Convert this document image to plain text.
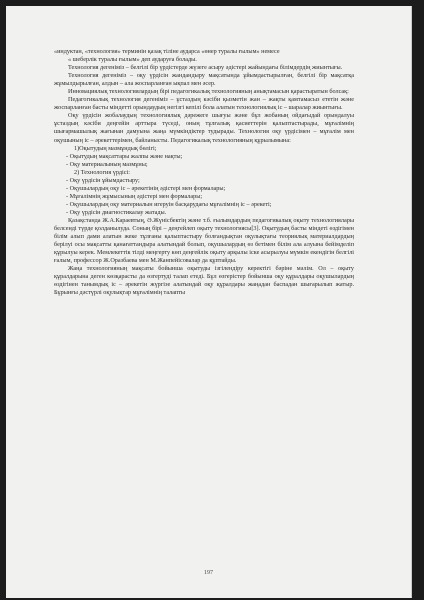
«индуктан, «технология» терминін қазақ тіліне аударса «өнер туралы ғылым» немесе

« шеберлік туралы ғылым» деп аударуға болады.

Технология дегеніміз – белгілі бір үрдістерде жүзеге асыру әдістері жайындағы білімдердің жиынтығы.

Технология дегеніміз – оқу үрдісін жандандыру мақсатында ұйымдастырылған, белгілі бір мақсатқа жұмылдырылған, алдын – ала жоспарланған ықпал мен әсер.

Инновациялық технологиялардың бірі педагогикалық технологияның анықтамасын қарастыратын болсақ:

Педагогикалық технология дегеніміз – ұстаздың кәсіби қызметін жан – жақты қамтамасыз ететін және жоспарланған басты міндетті орындаудың негізгі кепілі бола алатын технологиялық іс – шаралар жиынтығы.

Оқу үрдісін жобалаудың технологиялық дәрежеге шығуы және бұл жобаның ойдағыдай орындалуы ұстаздың кәсіби деңгейін арттыра түседі, оның тұлғалық қасиеттерін қалыптастырады, мұғалімнің шығармашылық жағынан дамуына жаңа мүмкіндіктер тудырады. Технология оқу үрдісімен – мұғалім мен оқушының іс – әрекеттерімен, байланысты. Педагогикалық технологияның құрылымына:

1)Оқытудың мазмұндық бөлігі;

- Оқытудың мақсаттары жалпы және нақты;

- Оқу материалының мазмұны;

2) Технология үрдісі:

- Оқу үрдісін ұйымдастыру;

- Оқушылардың оқу іс – әрекетінің әдістері мен формалары;

- Мұғалімнің жұмысының әдістері мен формалары;

- Оқушылардың оқу материалын игеруін басқарудағы мұғалімнің іс – әрекеті;

- Оқу үрдісін диагностикалау жатады.

Қазақстанда Ж.А.Караевтың, Ә.Жүнісбектің және т.б. ғылымдардың педагогикалық оқыту технологиялары белсенді түрде қолданылуда. Соның бірі – деңгейлеп оқыту технологиясы[3]. Оқытудың басты міндеті өздігімен білім алып дами алатын жеке тұлғаны қалыптастыру болғандықтан оқулықтағы теориялық материалдардың берілуі осы мақсатты қанағаттандыра алатындай болып, оқушылардың өз бетімен білім ала алуына бейімделіп құрылуы керек. Мемлекеттік тілді меңгерту көп деңгейлік оқыту арқылы іске асырылуы мүмкін екендігін белгілі ғалым, профессор Ж.Оразбаева мен М.Жанпейісовалар да құптайды.

Жаңа технологияның мақсаты бойынша оқытуды ізгілендіру керектігі бәріне мәлім. Ол – оқыту құралдарына деген көзқарасты да өзгертуді талап етеді. Бұл өзгерістер бойынша оқу құралдары оқушылардың өздігінен танымдық іс – әрекетін жүргізе алатындай оқу құралдары жаңадан баспадан шығарылып жатыр. Бұрынғы дәстүрлі оқулықтар мұғалімнің талапты

197
